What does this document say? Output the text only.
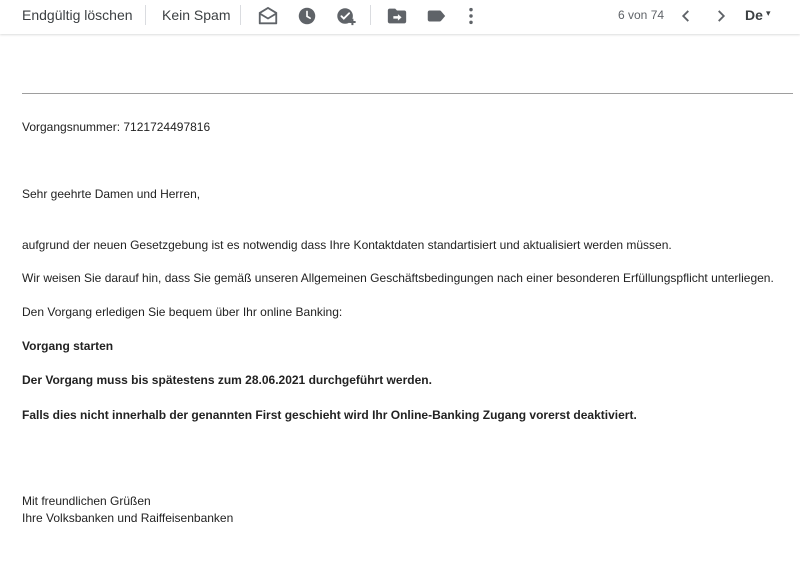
Endgültig löschen Kein Spam	6 von 74	De ▾
Vorgangsnummer: 7121724497816
Sehr geehrte Damen und Herren,
aufgrund der neuen Gesetzgebung ist es notwendig dass Ihre Kontaktdaten standartisiert und aktualisiert werden müssen.
Wir weisen Sie darauf hin, dass Sie gemäß unseren Allgemeinen Geschäftsbedingungen nach einer besonderen Erfüllungspflicht unterliegen.
Den Vorgang erledigen Sie bequem über Ihr online Banking:
Vorgang starten
Der Vorgang muss bis spätestens zum 28.06.2021 durchgeführt werden.
Falls dies nicht innerhalb der genannten First geschieht wird Ihr Online-Banking Zugang vorerst deaktiviert.
Mit freundlichen Grüßen
Ihre Volksbanken und Raiffeisenbanken
